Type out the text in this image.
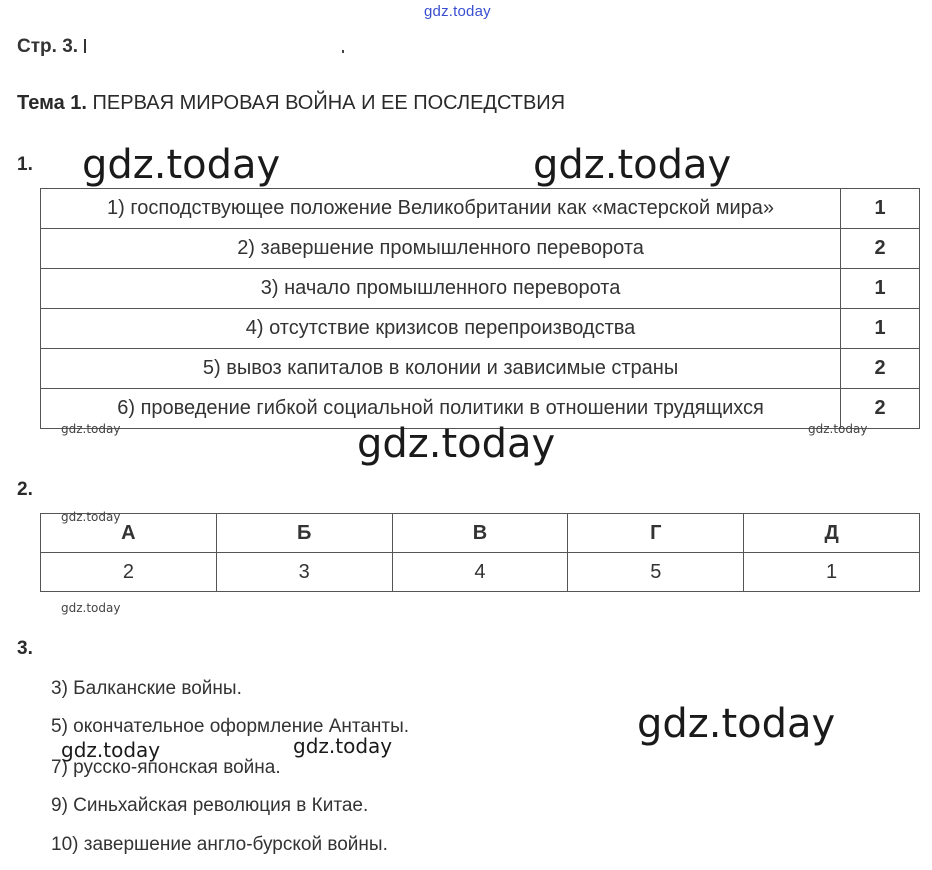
gdz.today
Стр. 3.
Тема 1. ПЕРВАЯ МИРОВАЯ ВОЙНА И ЕЕ ПОСЛЕДСТВИЯ
1.
1) господствующее положение Великобритании как «мастерской мира»	1
2) завершение промышленного переворота	2
3) начало промышленного переворота	1
4) отсутствие кризисов перепроизводства	1
5) вывоз капиталов в колонии и зависимые страны	2
6) проведение гибкой социальной политики в отношении трудящихся	2
2.
А	Б	В	Г	Д
2	3	4	5	1
3.
3) Балканские войны.
5) окончательное оформление Антанты.
7) русско-японская война.
9) Синьхайская революция в Китае.
10) завершение англо-бурской войны.
gdz.today	gdz.today
gdz.today
gdz.today
gdz.today	gdz.today
gdz.today	gdz.today
gdz.today
gdz.today
